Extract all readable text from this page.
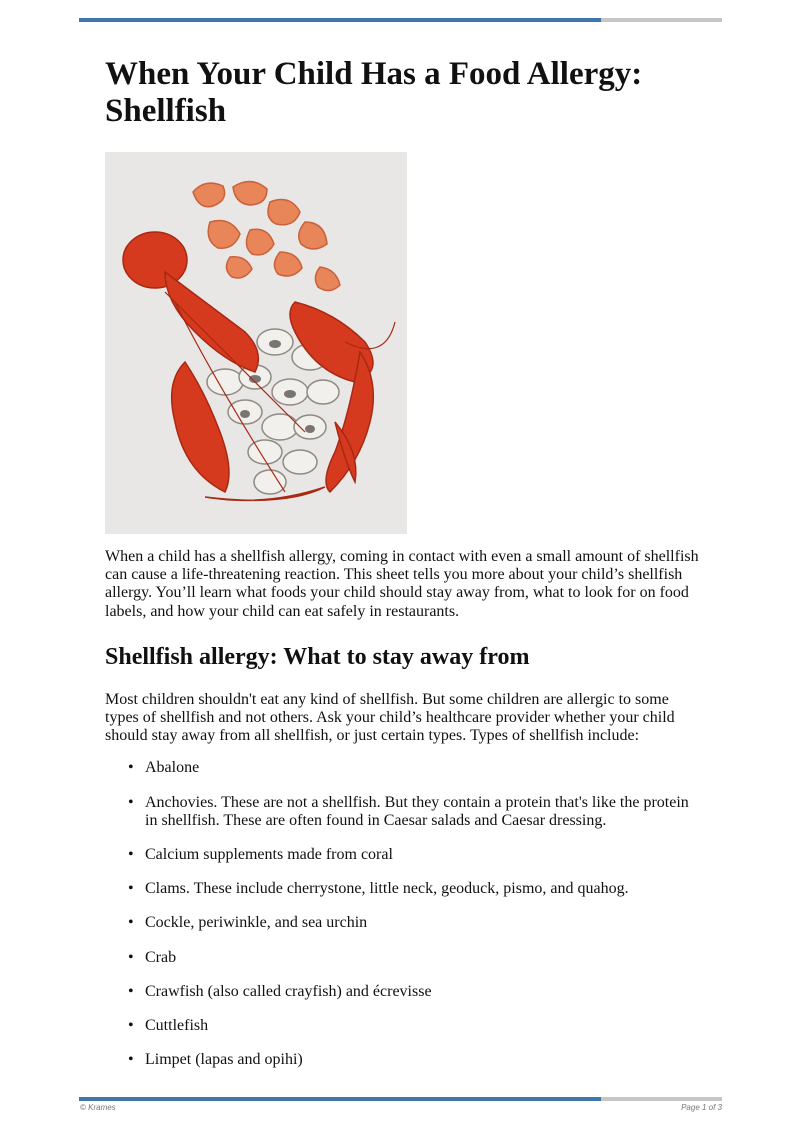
When Your Child Has a Food Allergy: Shellfish

When a child has a shellfish allergy, coming in contact with even a small amount of shellfish can cause a life-threatening reaction. This sheet tells you more about your child’s shellfish allergy. You’ll learn what foods your child should stay away from, what to look for on food labels, and how your child can eat safely in restaurants.

Shellfish allergy: What to stay away from

Most children shouldn't eat any kind of shellfish. But some children are allergic to some types of shellfish and not others. Ask your child’s healthcare provider whether your child should stay away from all shellfish, or just certain types. Types of shellfish include:

• Abalone
• Anchovies. These are not a shellfish. But they contain a protein that's like the protein in shellfish. These are often found in Caesar salads and Caesar dressing.
• Calcium supplements made from coral
• Clams. These include cherrystone, little neck, geoduck, pismo, and quahog.
• Cockle, periwinkle, and sea urchin
• Crab
• Crawfish (also called crayfish) and écrevisse
• Cuttlefish
• Limpet (lapas and opihi)
© Krames	Page 1 of 3
